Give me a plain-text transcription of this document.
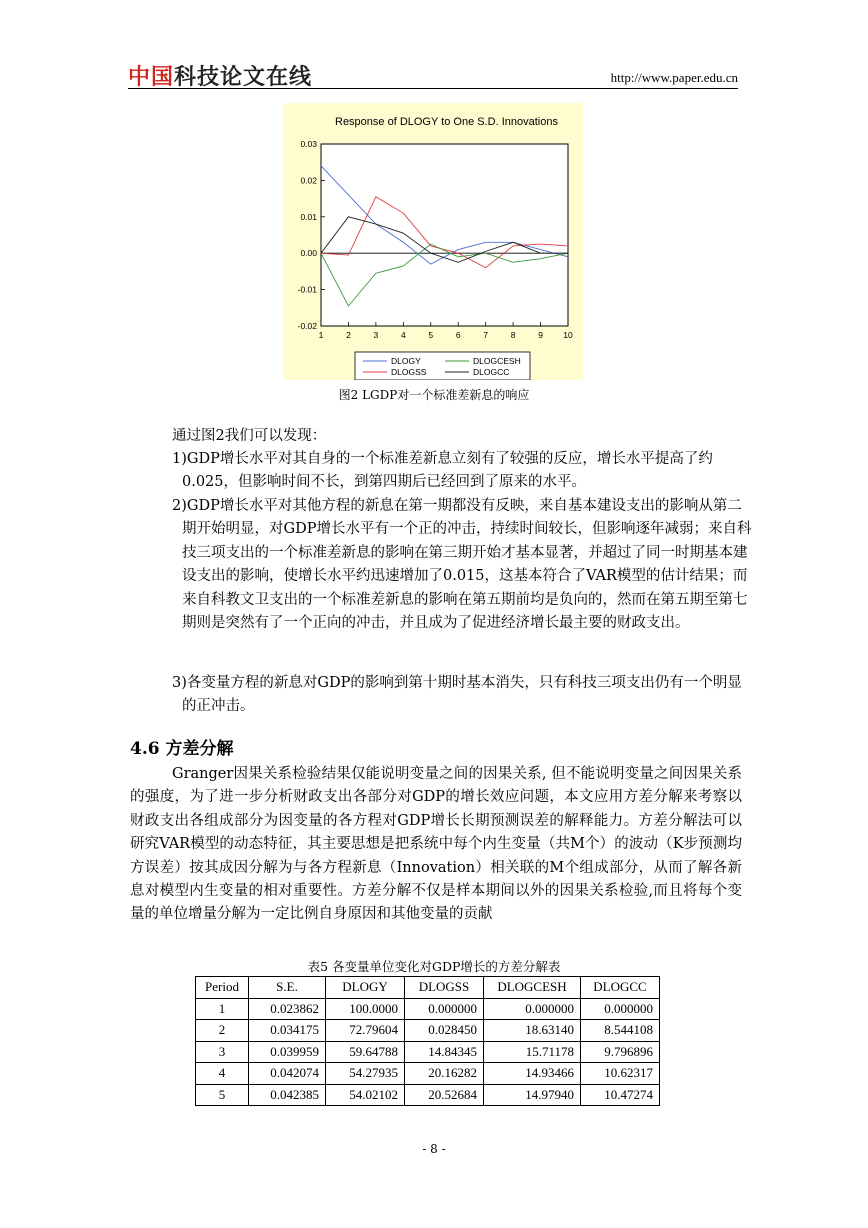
中国科技论文在线	http://www.paper.edu.cn
Response of DLOGY to One S.D. Innovations
0.03
0.02
0.01
0.00
-0.01
-0.02
1	2	3	4	5	6	7	8	9 10
DLOGY	DLOGCESH
DLOGSS	DLOGCC
图2 LGDP对一个标准差新息的响应
通过图2我们可以发现：
1)GDP增长水平对其自身的一个标准差新息立刻有了较强的反应，增长水平提高了约0.025，但影响时间不长，到第四期后已经回到了原来的水平。
2)GDP增长水平对其他方程的新息在第一期都没有反映，来自基本建设支出的影响从第二期开始明显，对GDP增长水平有一个正的冲击，持续时间较长，但影响逐年减弱；来自科技三项支出的一个标准差新息的影响在第三期开始才基本显著，并超过了同一时期基本建设支出的影响，使增长水平约迅速增加了0.015，这基本符合了VAR模型的估计结果；而来自科教文卫支出的一个标准差新息的影响在第五期前均是负向的，然而在第五期至第七期则是突然有了一个正向的冲击，并且成为了促进经济增长最主要的财政支出。
3)各变量方程的新息对GDP的影响到第十期时基本消失，只有科技三项支出仍有一个明显的正冲击。
4.6 方差分解
Granger因果关系检验结果仅能说明变量之间的因果关系, 但不能说明变量之间因果关系的强度，为了进一步分析财政支出各部分对GDP的增长效应问题，本文应用方差分解来考察以财政支出各组成部分为因变量的各方程对GDP增长长期预测误差的解释能力。方差分解法可以研究VAR模型的动态特征，其主要思想是把系统中每个内生变量（共M个）的波动（K步预测均方误差）按其成因分解为与各方程新息（Innovation）相关联的M个组成部分，从而了解各新息对模型内生变量的相对重要性。方差分解不仅是样本期间以外的因果关系检验,而且将每个变量的单位增量分解为一定比例自身原因和其他变量的贡献
表5 各变量单位变化对GDP增长的方差分解表
Period	S.E.	DLOGY	DLOGSS	DLOGCESH	DLOGCC
1	0.023862	100.0000	0.000000	0.000000	0.000000
2	0.034175	72.79604	0.028450	18.63140	8.544108
3	0.039959	59.64788	14.84345	15.71178	9.796896
4	0.042074	54.27935	20.16282	14.93466	10.62317
5	0.042385	54.02102	20.52684	14.97940	10.47274
- 8 -
